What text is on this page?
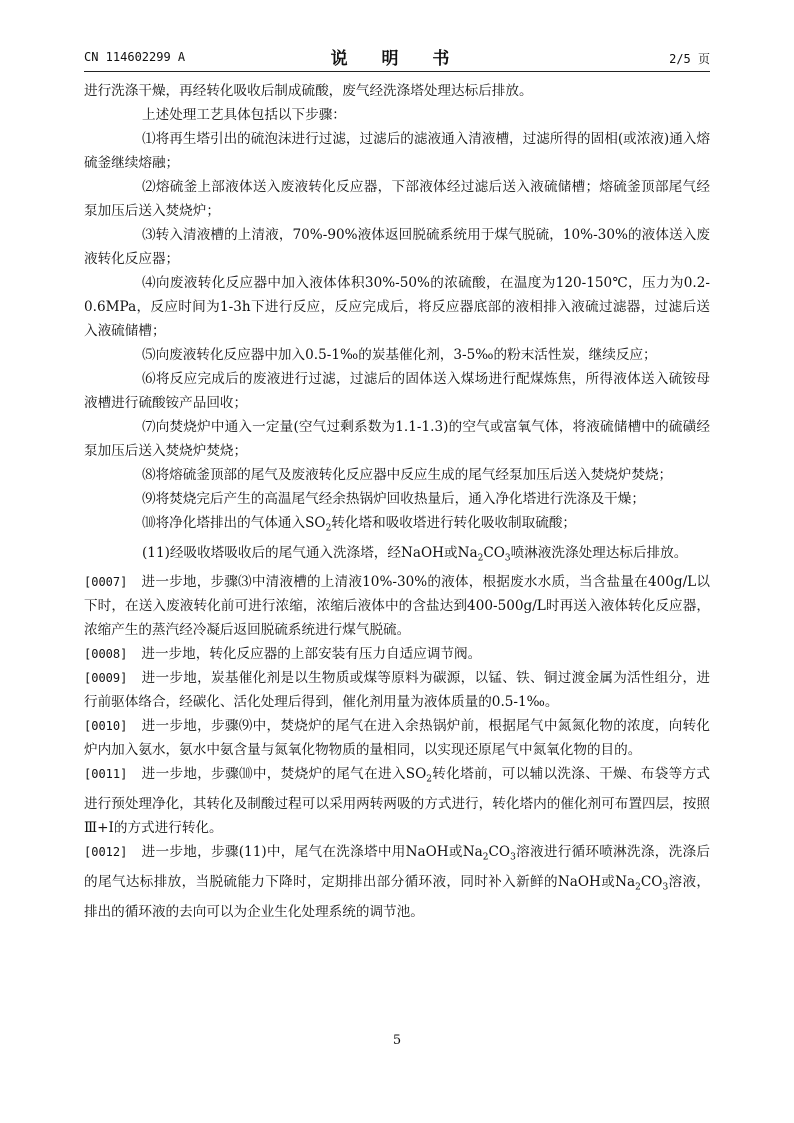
CN 114602299 A	说 明 书	2/5 页

进行洗涤干燥，再经转化吸收后制成硫酸，废气经洗涤塔处理达标后排放。

上述处理工艺具体包括以下步骤：

⑴将再生塔引出的硫泡沫进行过滤，过滤后的滤液通入清液槽，过滤所得的固相(或浓液)通入熔硫釜继续熔融；

⑵熔硫釜上部液体送入废液转化反应器，下部液体经过滤后送入液硫储槽；熔硫釜顶部尾气经泵加压后送入焚烧炉；

⑶转入清液槽的上清液，70%-90%液体返回脱硫系统用于煤气脱硫，10%-30%的液体送入废液转化反应器；

⑷向废液转化反应器中加入液体体积30%-50%的浓硫酸，在温度为120-150℃，压力为0.2-0.6MPa，反应时间为1-3h下进行反应，反应完成后，将反应器底部的液相排入液硫过滤器，过滤后送入液硫储槽；

⑸向废液转化反应器中加入0.5-1‰的炭基催化剂，3-5‰的粉末活性炭，继续反应；

⑹将反应完成后的废液进行过滤，过滤后的固体送入煤场进行配煤炼焦，所得液体送入硫铵母液槽进行硫酸铵产品回收；

⑺向焚烧炉中通入一定量(空气过剩系数为1.1-1.3)的空气或富氧气体，将液硫储槽中的硫磺经泵加压后送入焚烧炉焚烧；

⑻将熔硫釜顶部的尾气及废液转化反应器中反应生成的尾气经泵加压后送入焚烧炉焚烧；

⑼将焚烧完后产生的高温尾气经余热锅炉回收热量后，通入净化塔进行洗涤及干燥；

⑽将净化塔排出的气体通入$SO_2$转化塔和吸收塔进行转化吸收制取硫酸；

(11)经吸收塔吸收后的尾气通入洗涤塔，经NaOH或$Na_2CO_3$喷淋液洗涤处理达标后排放。

[0007] 进一步地，步骤⑶中清液槽的上清液10%-30%的液体，根据废水水质，当含盐量在400g/L以下时，在送入废液转化前可进行浓缩，浓缩后液体中的含盐达到400-500g/L时再送入液体转化反应器，浓缩产生的蒸汽经冷凝后返回脱硫系统进行煤气脱硫。

[0008] 进一步地，转化反应器的上部安装有压力自适应调节阀。

[0009] 进一步地，炭基催化剂是以生物质或煤等原料为碳源，以锰、铁、铜过渡金属为活性组分，进行前驱体络合，经碳化、活化处理后得到，催化剂用量为液体质量的0.5-1‰。

[0010] 进一步地，步骤⑼中，焚烧炉的尾气在进入余热锅炉前，根据尾气中氮氮化物的浓度，向转化炉内加入氨水，氨水中氨含量与氮氧化物物质的量相同，以实现还原尾气中氮氧化物的目的。

[0011] 进一步地，步骤⑽中，焚烧炉的尾气在进入$SO_2$转化塔前，可以辅以洗涤、干燥、布袋等方式进行预处理净化，其转化及制酸过程可以采用两转两吸的方式进行，转化塔内的催化剂可布置四层，按照Ⅲ+Ⅰ的方式进行转化。

[0012] 进一步地，步骤(11)中，尾气在洗涤塔中用NaOH或$Na_2CO_3$溶液进行循环喷淋洗涤，洗涤后的尾气达标排放，当脱硫能力下降时，定期排出部分循环液，同时补入新鲜的NaOH或$Na_2CO_3$溶液，排出的循环液的去向可以为企业生化处理系统的调节池。

5
